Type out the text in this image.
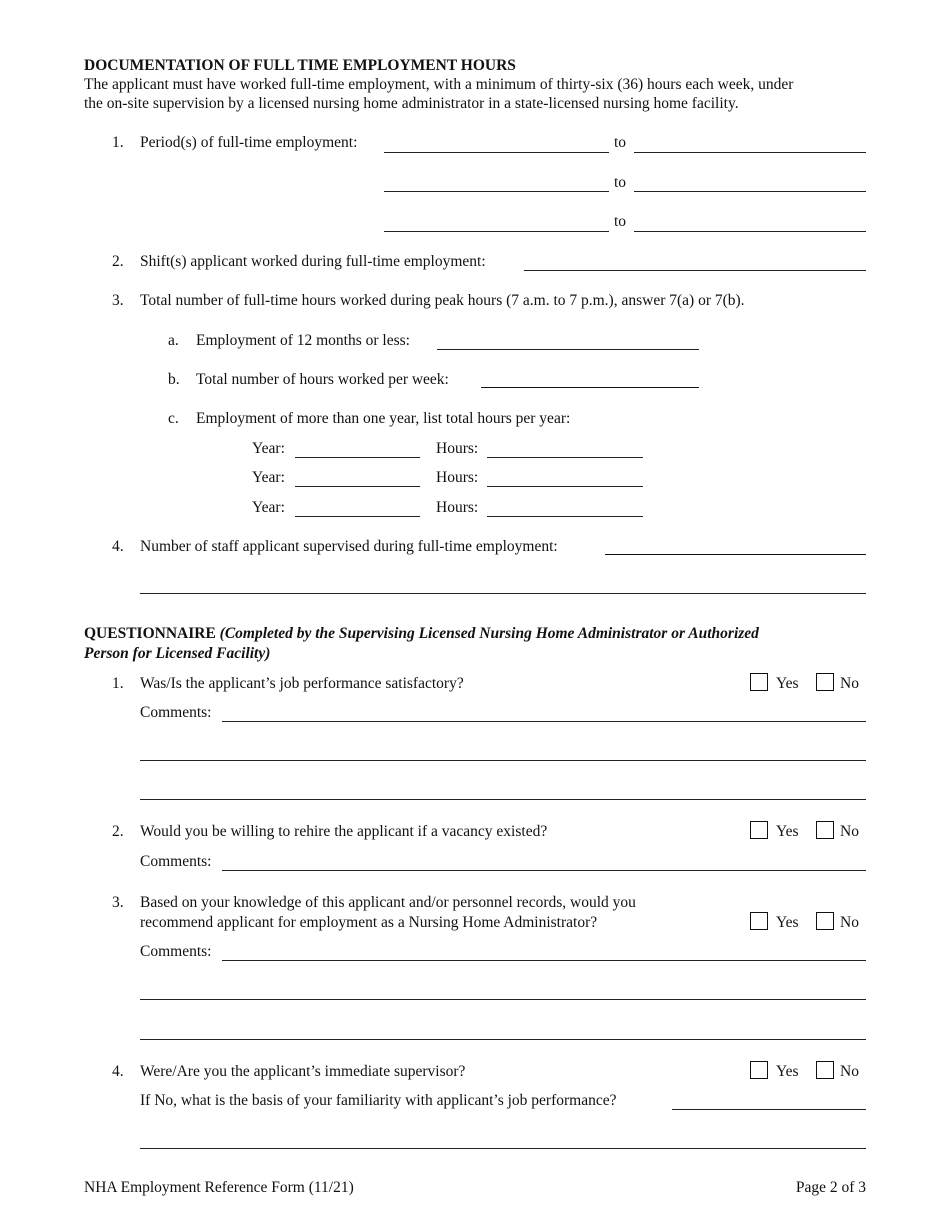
DOCUMENTATION OF FULL TIME EMPLOYMENT HOURS
The applicant must have worked full-time employment, with a minimum of thirty-six (36) hours each week, under
the on-site supervision by a licensed nursing home administrator in a state-licensed nursing home facility.
1. Period(s) of full-time employment:	to
to
to
2. Shift(s) applicant worked during full-time employment:
3. Total number of full-time hours worked during peak hours (7 a.m. to 7 p.m.), answer 7(a) or 7(b).
a. Employment of 12 months or less:
b. Total number of hours worked per week:
c. Employment of more than one year, list total hours per year:
Year:	Hours:
Year:	Hours:
Year:	Hours:
4. Number of staff applicant supervised during full-time employment:
QUESTIONNAIRE (Completed by the Supervising Licensed Nursing Home Administrator or Authorized
Person for Licensed Facility)
1. Was/Is the applicant’s job performance satisfactory?	Yes	No
Comments:
2. Would you be willing to rehire the applicant if a vacancy existed?	Yes	No
Comments:
3. Based on your knowledge of this applicant and/or personnel records, would you
recommend applicant for employment as a Nursing Home Administrator?	Yes	No
Comments:
4. Were/Are you the applicant’s immediate supervisor?	Yes	No
If No, what is the basis of your familiarity with applicant’s job performance?
NHA Employment Reference Form (11/21)	Page 2 of 3
